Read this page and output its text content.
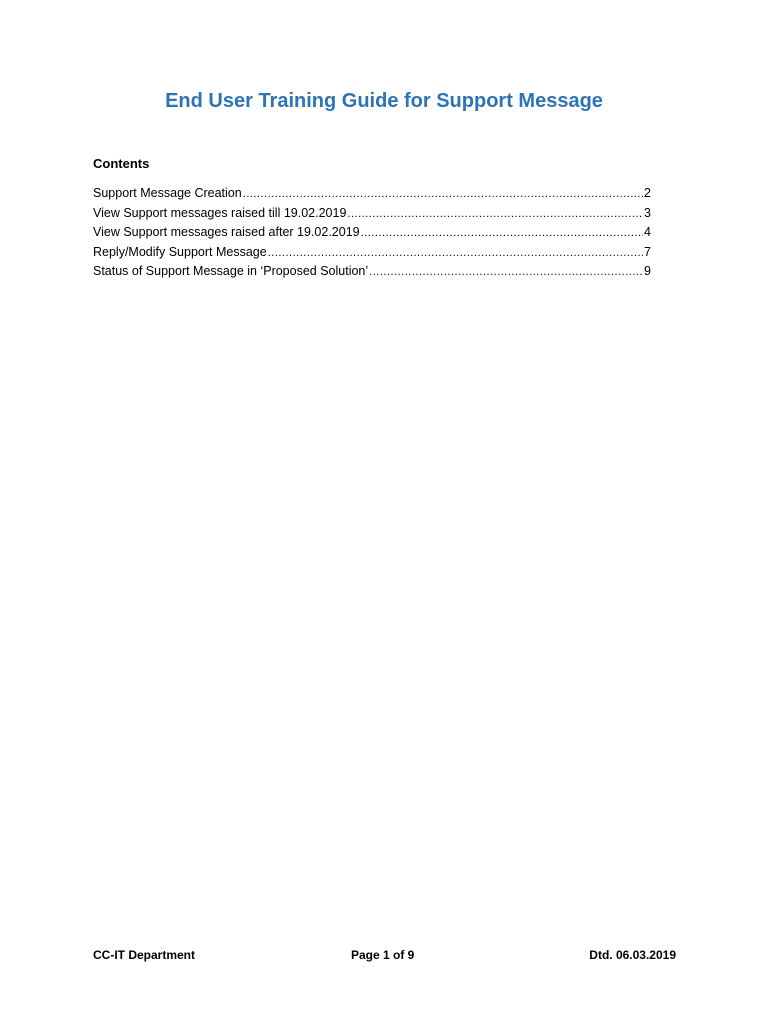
End User Training Guide for Support Message
Contents
Support Message Creation .....	2
View Support messages raised till 19.02.2019 .....	3
View Support messages raised after 19.02.2019 .....	4
Reply/Modify Support Message .....	7
Status of Support Message in ‘Proposed Solution’ .....	9
CC-IT Department	Page 1 of 9	Dtd. 06.03.2019
